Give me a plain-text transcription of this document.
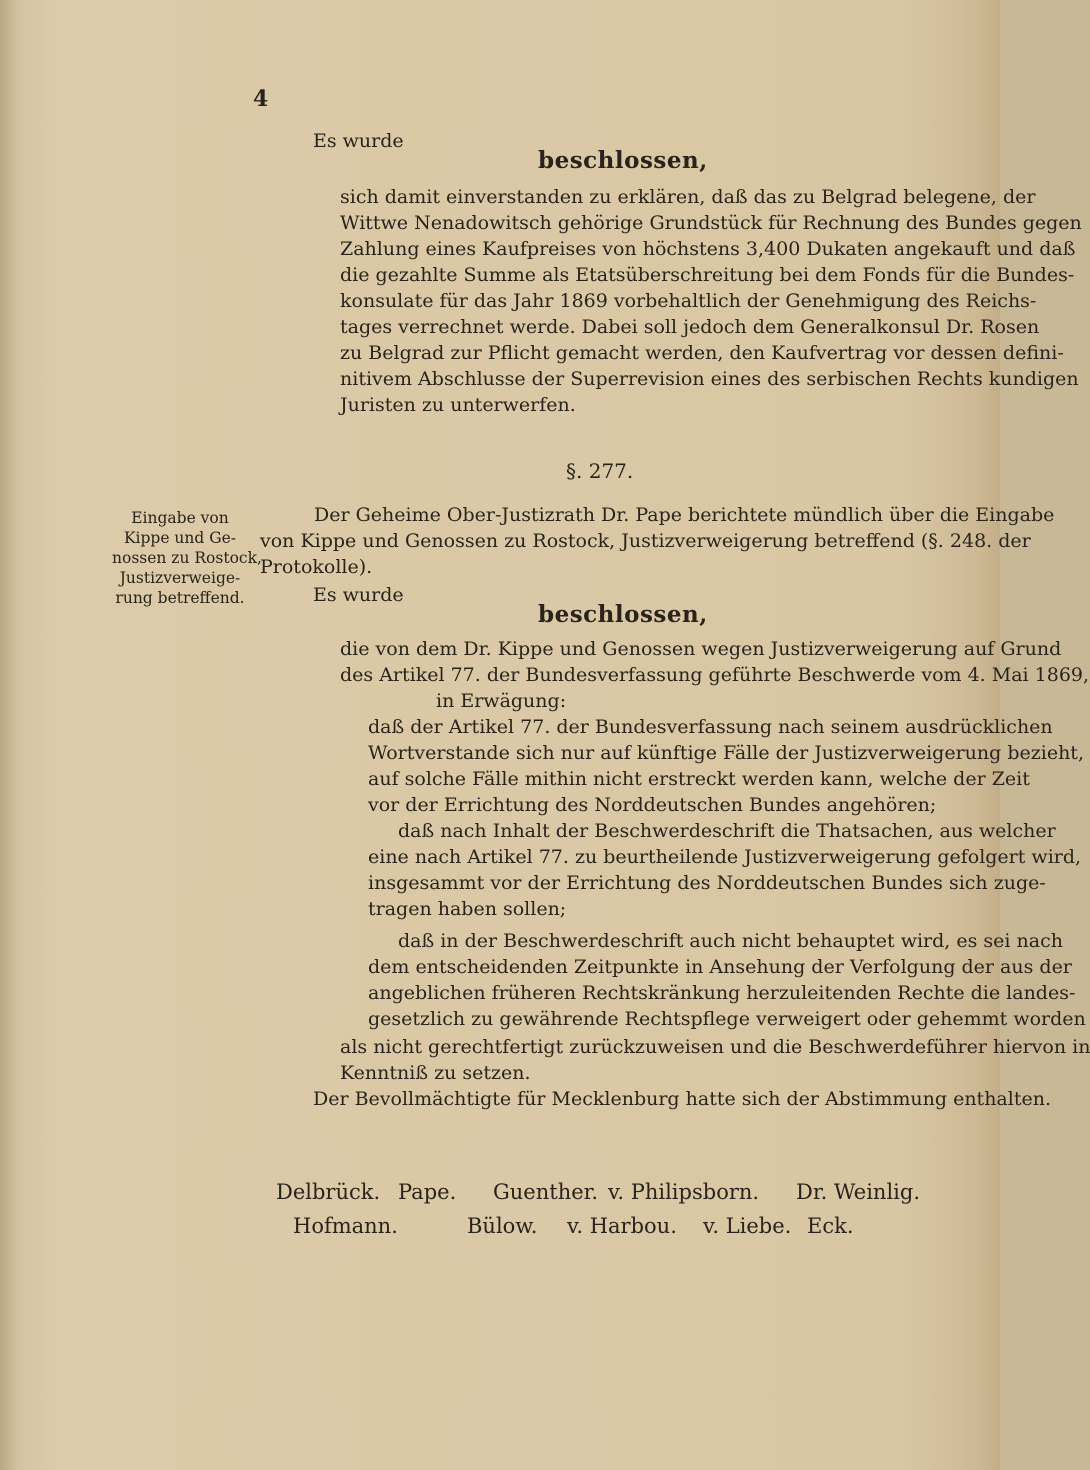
4
Es wurde
beschlossen,
sich damit einverstanden zu erklären, daß das zu Belgrad belegene, der
Wittwe Nenadowitsch gehörige Grundstück für Rechnung des Bundes gegen
Zahlung eines Kaufpreises von höchstens 3,400 Dukaten angekauft und daß
die gezahlte Summe als Etatsüberschreitung bei dem Fonds für die Bundes-
konsulate für das Jahr 1869 vorbehaltlich der Genehmigung des Reichs-
tages verrechnet werde. Dabei soll jedoch dem Generalkonsul Dr. Rosen
zu Belgrad zur Pflicht gemacht werden, den Kaufvertrag vor dessen defini-
nitivem Abschlusse der Superrevision eines des serbischen Rechts kundigen
Juristen zu unterwerfen.
§. 277.
Eingabe von
Kippe und Ge-
nossen zu Rostock,
Justizverweige-
rung betreffend.
Der Geheime Ober-Justizrath Dr. Pape berichtete mündlich über die Eingabe
von Kippe und Genossen zu Rostock, Justizverweigerung betreffend (§. 248. der
Protokolle).
Es wurde
beschlossen,
die von dem Dr. Kippe und Genossen wegen Justizverweigerung auf Grund
des Artikel 77. der Bundesverfassung geführte Beschwerde vom 4. Mai 1869,
in Erwägung:
daß der Artikel 77. der Bundesverfassung nach seinem ausdrücklichen
Wortverstande sich nur auf künftige Fälle der Justizverweigerung bezieht,
auf solche Fälle mithin nicht erstreckt werden kann, welche der Zeit
vor der Errichtung des Norddeutschen Bundes angehören;
daß nach Inhalt der Beschwerdeschrift die Thatsachen, aus welcher
eine nach Artikel 77. zu beurtheilende Justizverweigerung gefolgert wird,
insgesammt vor der Errichtung des Norddeutschen Bundes sich zuge-
tragen haben sollen;
daß in der Beschwerdeschrift auch nicht behauptet wird, es sei nach
dem entscheidenden Zeitpunkte in Ansehung der Verfolgung der aus der
angeblichen früheren Rechtskränkung herzuleitenden Rechte die landes-
gesetzlich zu gewährende Rechtspflege verweigert oder gehemmt worden
als nicht gerechtfertigt zurückzuweisen und die Beschwerdeführer hiervon in
Kenntniß zu setzen.
Der Bevollmächtigte für Mecklenburg hatte sich der Abstimmung enthalten.
Delbrück. Pape. Guenther. v. Philipsborn. Dr. Weinlig.
Hofmann.	Bülow. v. Harbou. v. Liebe. Eck.
